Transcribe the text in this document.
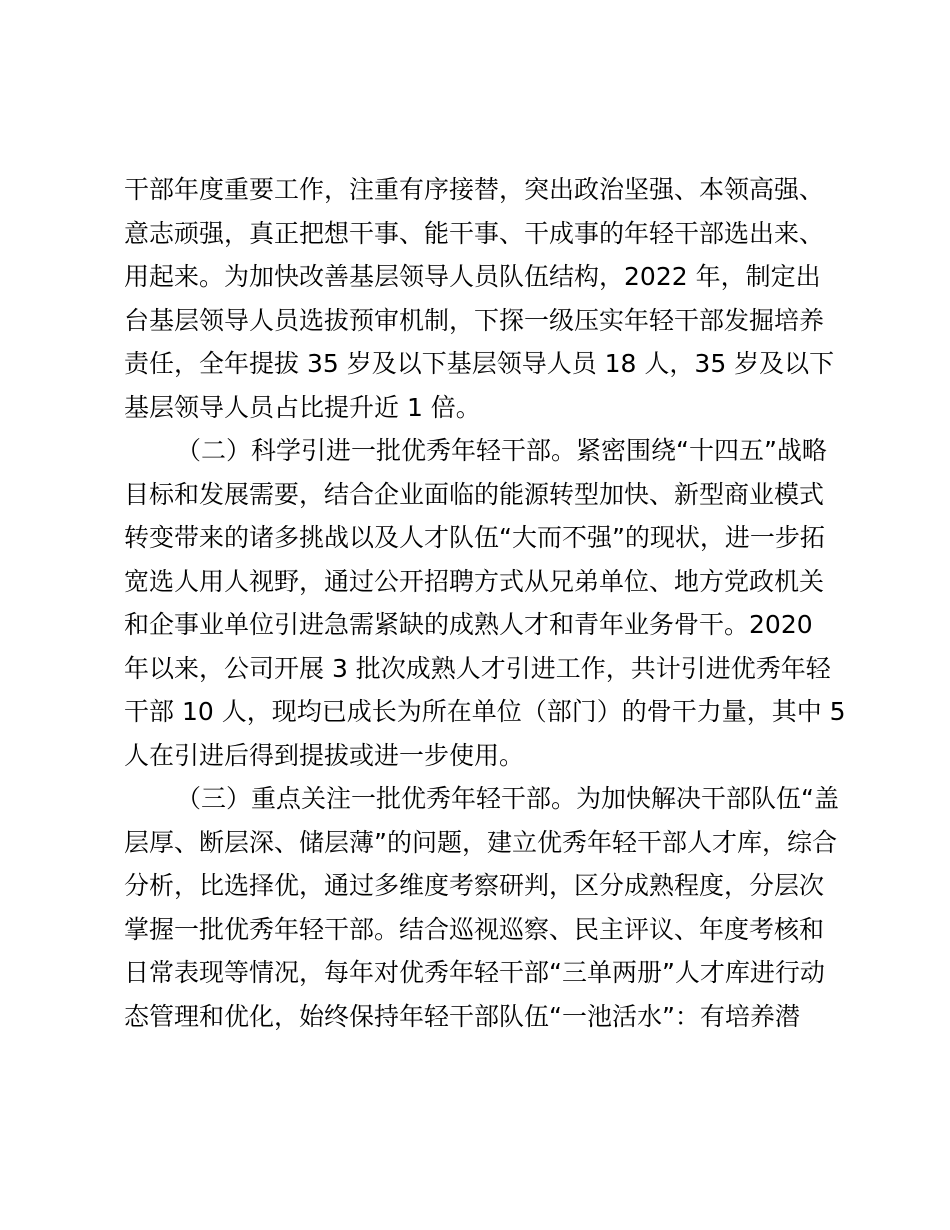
干部年度重要工作，注重有序接替，突出政治坚强、本领高强、
意志顽强，真正把想干事、能干事、干成事的年轻干部选出来、
用起来。为加快改善基层领导人员队伍结构，2022 年，制定出
台基层领导人员选拔预审机制，下探一级压实年轻干部发掘培养
责任，全年提拔 35 岁及以下基层领导人员 18 人，35 岁及以下
基层领导人员占比提升近 1 倍。
（二）科学引进一批优秀年轻干部。紧密围绕“十四五”战略
目标和发展需要，结合企业面临的能源转型加快、新型商业模式
转变带来的诸多挑战以及人才队伍“大而不强”的现状，进一步拓
宽选人用人视野，通过公开招聘方式从兄弟单位、地方党政机关
和企事业单位引进急需紧缺的成熟人才和青年业务骨干。2020
年以来，公司开展 3 批次成熟人才引进工作，共计引进优秀年轻
干部 10 人，现均已成长为所在单位（部门）的骨干力量，其中 5
人在引进后得到提拔或进一步使用。
（三）重点关注一批优秀年轻干部。为加快解决干部队伍“盖
层厚、断层深、储层薄”的问题，建立优秀年轻干部人才库，综合
分析，比选择优，通过多维度考察研判，区分成熟程度，分层次
掌握一批优秀年轻干部。结合巡视巡察、民主评议、年度考核和
日常表现等情况，每年对优秀年轻干部“三单两册”人才库进行动
态管理和优化，始终保持年轻干部队伍“一池活水”：有培养潜
